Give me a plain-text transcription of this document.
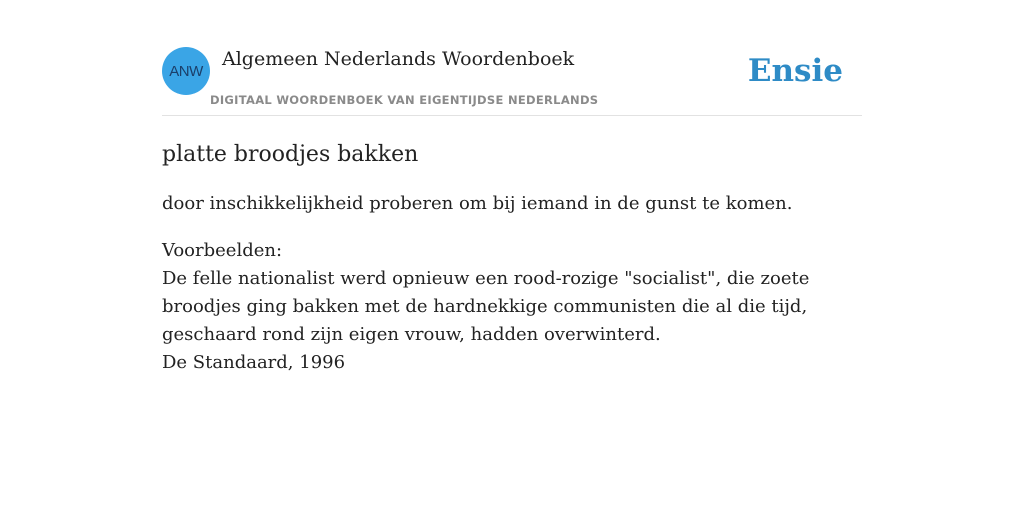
ANW
Algemeen Nederlands Woordenboek
DIGITAAL WOORDENBOEK VAN EIGENTIJDSE NEDERLANDS
Ensie
platte broodjes bakken

door inschikkelijkheid proberen om bij iemand in de gunst te komen.

Voorbeelden:
De felle nationalist werd opnieuw een rood-rozige "socialist", die zoete broodjes ging bakken met de hardnekkige communisten die al die tijd, geschaard rond zijn eigen vrouw, hadden overwinterd.
De Standaard, 1996
